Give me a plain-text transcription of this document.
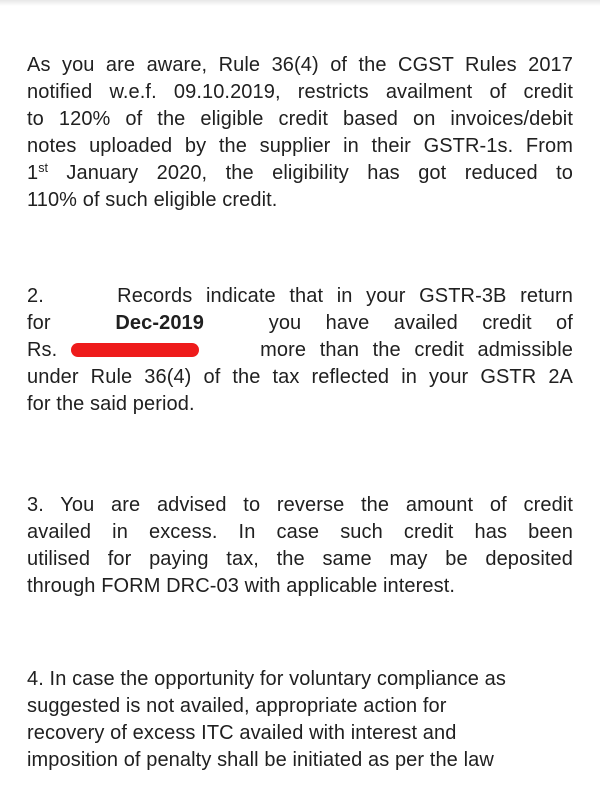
As you are aware, Rule 36(4) of the CGST Rules 2017
notified w.e.f. 09.10.2019, restricts availment of credit
to 120% of the eligible credit based on invoices/debit
notes uploaded by the supplier in their GSTR-1s. From
1st January 2020, the eligibility has got reduced to
110% of such eligible credit.
2.	Records indicate that in your GSTR-3B return
for	Dec-2019	you have availed credit of
Rs.	more than the credit admissible
under Rule 36(4) of the tax reflected in your GSTR 2A
for the said period.
3. You are advised to reverse the amount of credit
availed in excess. In case such credit has been
utilised for paying tax, the same may be deposited
through FORM DRC-03 with applicable interest.
4. In case the opportunity for voluntary compliance as
suggested is not availed, appropriate action for
recovery of excess ITC availed with interest and
imposition of penalty shall be initiated as per the law
